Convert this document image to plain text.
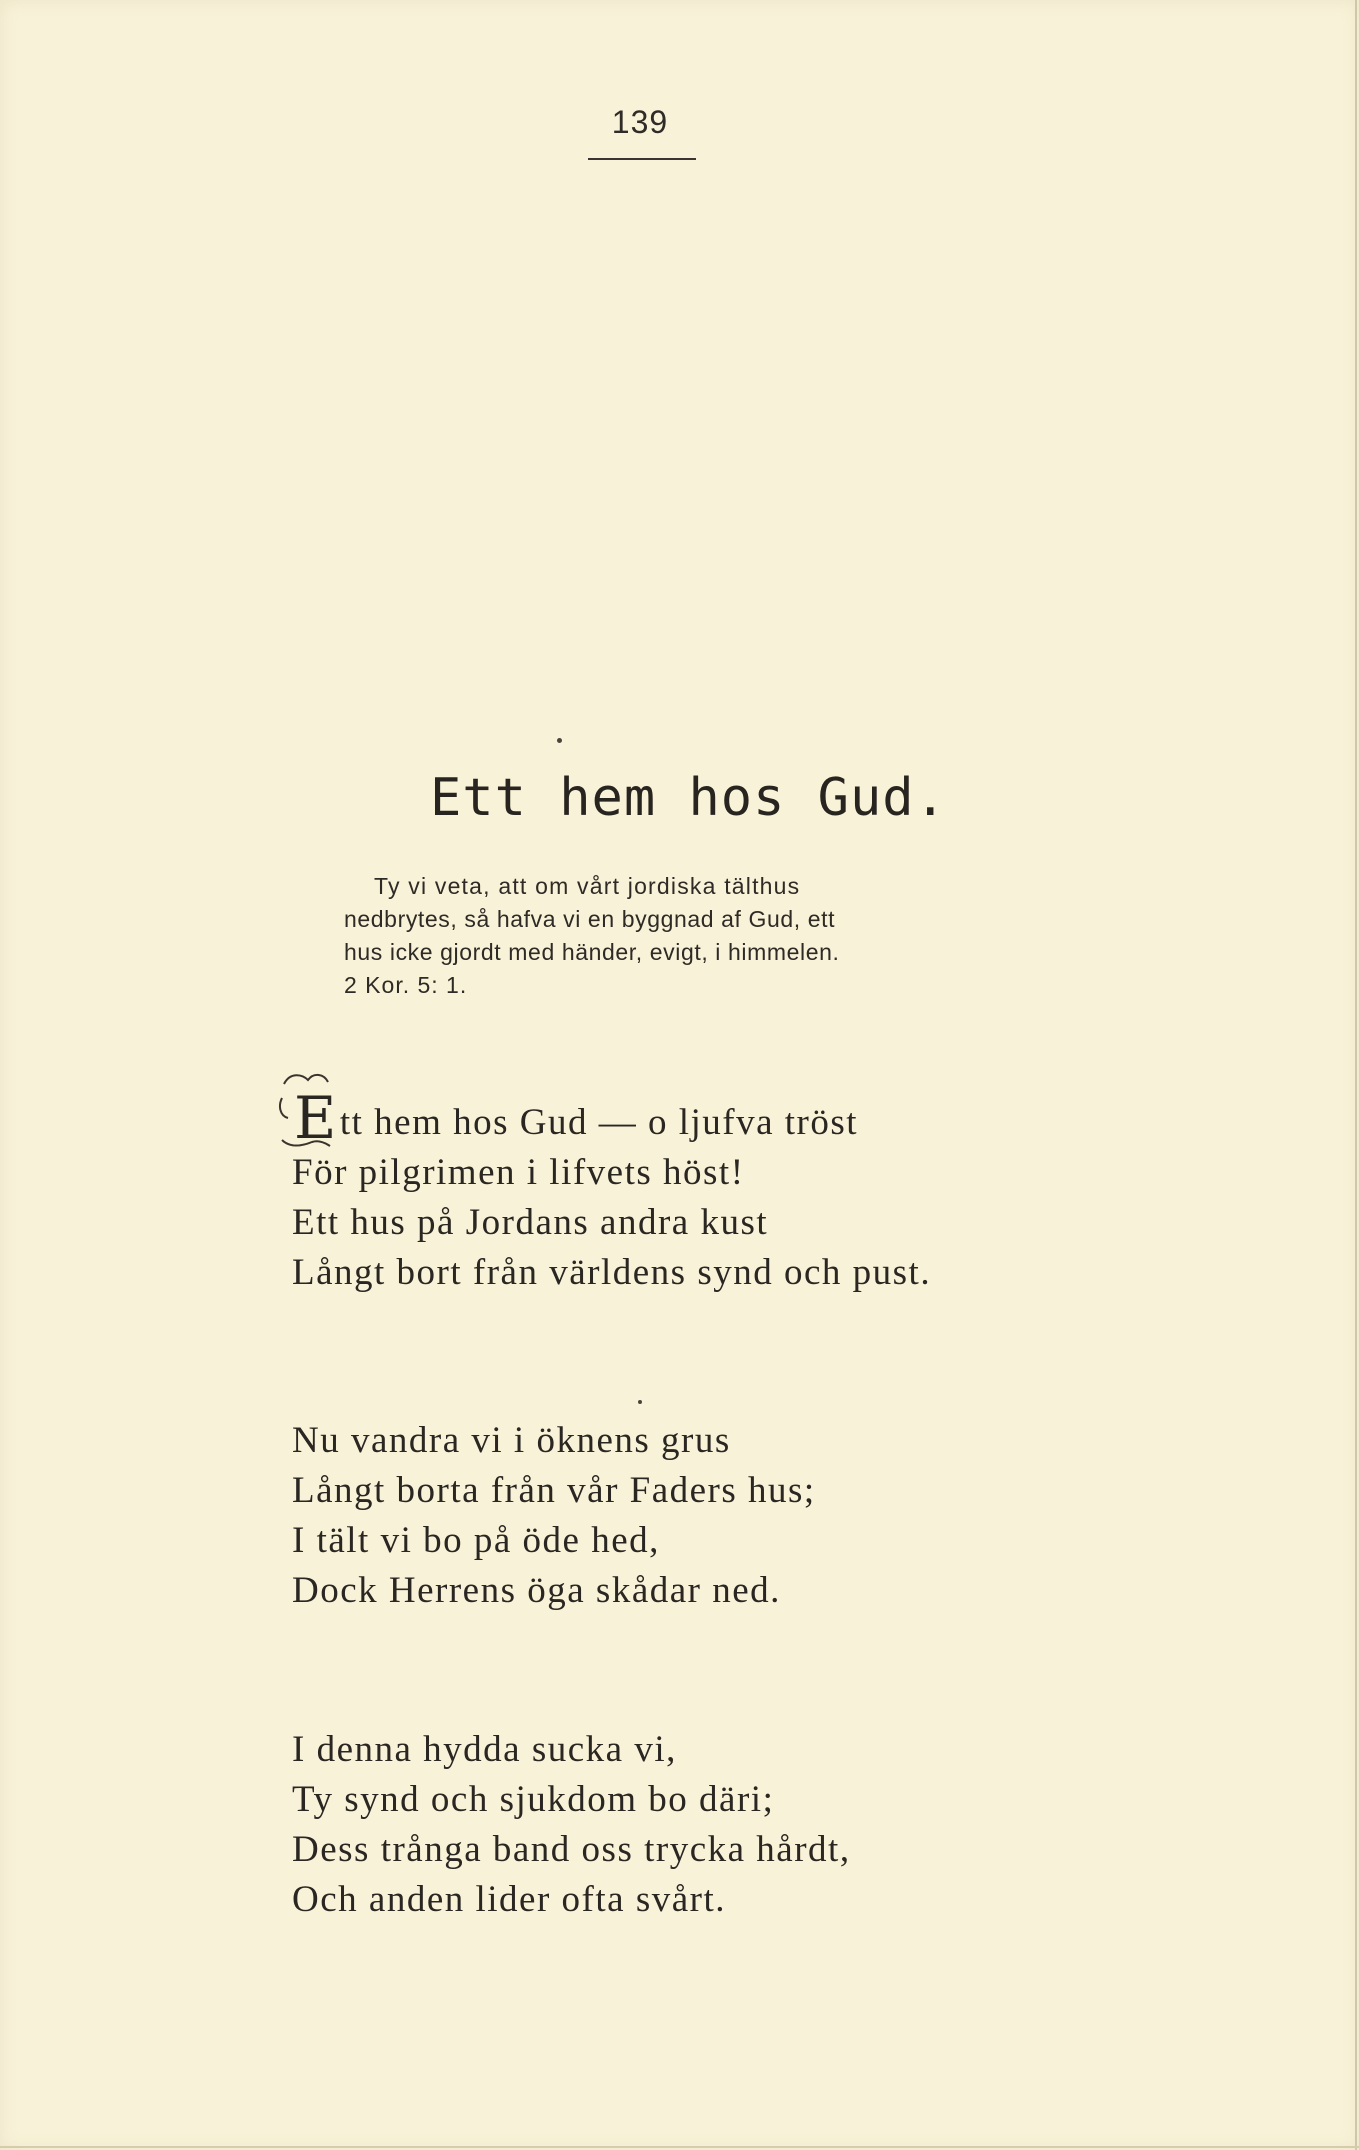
139
Ett hem hos Gud.
Ty vi veta, att om vårt jordiska tälthus
nedbrytes, så hafva vi en byggnad af Gud, ett
hus icke gjordt med händer, evigt, i himmelen.
2 Kor. 5: 1.
Ett hem hos Gud — o ljufva tröst
För pilgrimen i lifvets höst!
Ett hus på Jordans andra kust
Långt bort från världens synd och pust.
Nu vandra vi i öknens grus
Långt borta från vår Faders hus;
I tält vi bo på öde hed,
Dock Herrens öga skådar ned.
I denna hydda sucka vi,
Ty synd och sjukdom bo däri;
Dess trånga band oss trycka hårdt,
Och anden lider ofta svårt.
